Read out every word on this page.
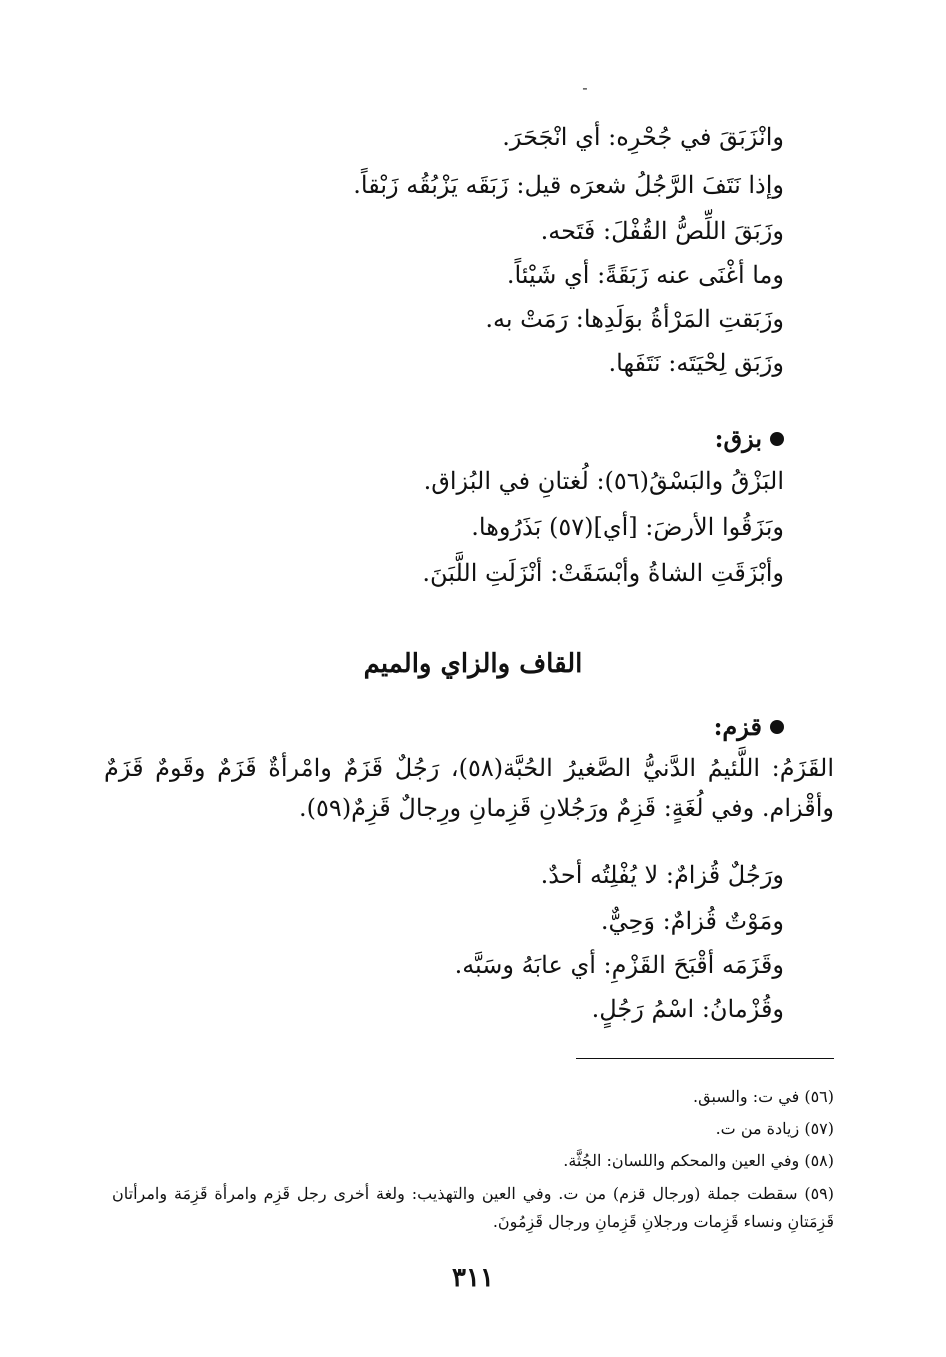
-
وانْزَبَقَ في جُحْرِه: أي انْجَحَرَ.
وإذا نَتَفَ الرَّجُلُ شعرَه قيل: زَبَقَه يَزْبُقُه زَبْقاً.
وزَبَقَ اللِّصُّ القُفْلَ: فَتَحه.
وما أغْنَى عنه زَبَقَةً: أي شَيْئاً.
وزَبَقتِ المَرْأةُ بوَلَدِها: رَمَتْ به.
وزَبَق لِحْيَتَه: نَتَفَها.
بزق:
البَزْقُ والبَسْقُ(٥٦): لُغتانِ في البُزاق.
وبَزَقُوا الأرضَ: [أي](٥٧) بَذَرُوها.
وأبْزَقَتِ الشاةُ وأبْسَقَتْ: أنْزَلَتِ اللَّبَنَ.
القاف والزاي والميم
قزم:
القَزَمُ: اللَّئيمُ الدَّنيُّ الصَّغيرُ الحُبَّة(٥٨)، رَجُلٌ قَزَمٌ وامْرأةٌ قَزَمٌ وقَومٌ قَزَمٌ وأقْزام. وفي لُغَةٍ: قَزِمٌ ورَجُلانِ قَزِمانِ ورِجالٌ قَزِمٌ(٥٩).
ورَجُلٌ قُزامٌ: لا يُفْلِتُه أحدٌ.
ومَوْتٌ قُزامٌ: وَحِيٌّ.
وقَزَمَه أقْبَحَ القَزْمِ: أي عابَهُ وسَبَّه.
وقُزْمانُ: اسْمُ رَجُلٍ.
(٥٦) في ت: والسبق.
(٥٧) زيادة من ت.
(٥٨) وفي العين والمحكم واللسان: الجُثَّة.
(٥٩) سقطت جملة (ورجال قزم) من ت. وفي العين والتهذيب: ولغة أخرى رجل قَزِم وامرأة قَزِمَة وامرأتان قَزِمَتانِ ونساء قَزِمات ورجلانِ قَزِمانِ ورجال قَزِمُونَ.
٣١١
